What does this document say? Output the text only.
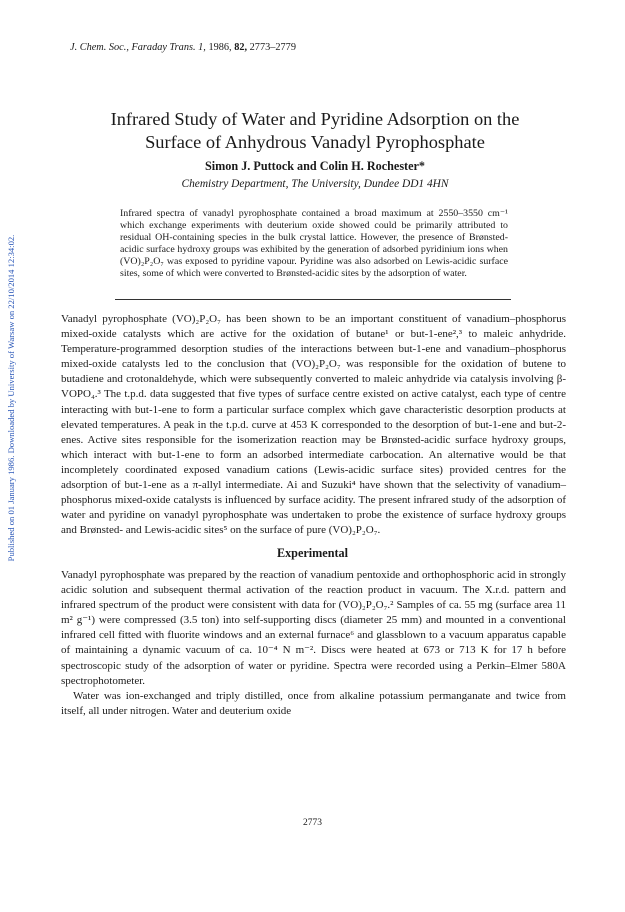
Published on 01 January 1986. Downloaded by University of Warsaw on 22/10/2014 12:34:02.
J. Chem. Soc., Faraday Trans. 1, 1986, 82, 2773–2779
Infrared Study of Water and Pyridine Adsorption on the
Surface of Anhydrous Vanadyl Pyrophosphate
Simon J. Puttock and Colin H. Rochester*
Chemistry Department, The University, Dundee DD1 4HN
Infrared spectra of vanadyl pyrophosphate contained a broad maximum at 2550–3550 cm⁻¹ which exchange experiments with deuterium oxide showed could be primarily attributed to residual OH-containing species in the bulk crystal lattice. However, the presence of Brønsted-acidic surface hydroxy groups was exhibited by the generation of adsorbed pyridinium ions when (VO)₂P₂O₇ was exposed to pyridine vapour. Pyridine was also adsorbed on Lewis-acidic surface sites, some of which were converted to Brønsted-acidic sites by the adsorption of water.

Vanadyl pyrophosphate (VO)₂P₂O₇ has been shown to be an important constituent of vanadium–phosphorus mixed-oxide catalysts which are active for the oxidation of butane¹ or but-1-ene²,³ to maleic anhydride. Temperature-programmed desorption studies of the interactions between but-1-ene and vanadium–phosphorus mixed-oxide catalysts led to the conclusion that (VO)₂P₂O₇ was responsible for the oxidation of butene to butadiene and crotonaldehyde, which were subsequently converted to maleic anhydride via catalysis involving β-VOPO₄.³ The t.p.d. data suggested that five types of surface centre existed on active catalyst, each type of centre interacting with but-1-ene to form a particular surface complex which gave characteristic desorption products at elevated temperatures. A peak in the t.p.d. curve at 453 K corresponded to the desorption of but-1-ene and but-2-enes. Active sites responsible for the isomerization reaction may be Brønsted-acidic surface hydroxy groups, which interact with but-1-ene to form an adsorbed intermediate carbocation. An alternative would be that incompletely coordinated exposed vanadium cations (Lewis-acidic surface sites) provided centres for the adsorption of but-1-ene as a π-allyl intermediate. Ai and Suzuki⁴ have shown that the selectivity of vanadium–phosphorus mixed-oxide catalysts is influenced by surface acidity. The present infrared study of the adsorption of water and pyridine on vanadyl pyrophosphate was undertaken to probe the existence of surface hydroxy groups and Brønsted- and Lewis-acidic sites⁵ on the surface of pure (VO)₂P₂O₇.

Experimental

Vanadyl pyrophosphate was prepared by the reaction of vanadium pentoxide and orthophosphoric acid in strongly acidic solution and subsequent thermal activation of the reaction product in vacuum. The X.r.d. pattern and infrared spectrum of the product were consistent with data for (VO)₂P₂O₇.² Samples of ca. 55 mg (surface area 11 m² g⁻¹) were compressed (3.5 ton) into self-supporting discs (diameter 25 mm) and mounted in a conventional infrared cell fitted with fluorite windows and an external furnace⁶ and glassblown to a vacuum apparatus capable of maintaining a dynamic vacuum of ca. 10⁻⁴ N m⁻². Discs were heated at 673 or 713 K for 17 h before spectroscopic study of the adsorption of water or pyridine. Spectra were recorded using a Perkin–Elmer 580A spectrophotometer.

Water was ion-exchanged and triply distilled, once from alkaline potassium permanganate and twice from itself, all under nitrogen. Water and deuterium oxide

2773
